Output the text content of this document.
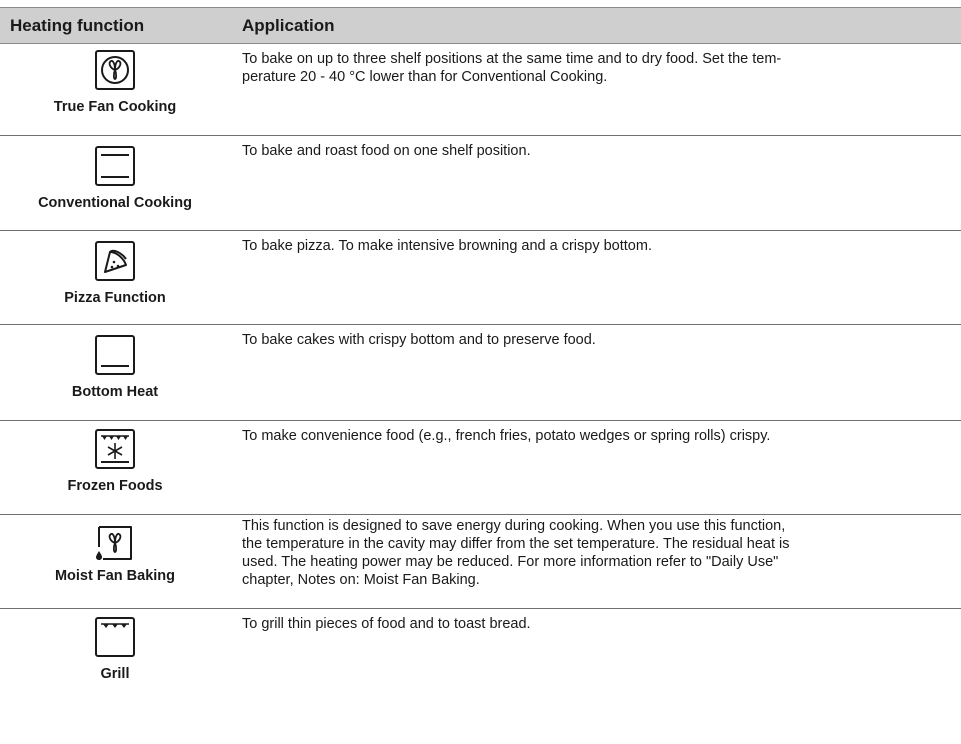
Heating function	Application
True Fan Cooking
To bake on up to three shelf positions at the same time and to dry food. Set the tem-
perature 20 - 40 °C lower than for Conventional Cooking.
Conventional Cooking
To bake and roast food on one shelf position.
Pizza Function
To bake pizza. To make intensive browning and a crispy bottom.
Bottom Heat
To bake cakes with crispy bottom and to preserve food.
Frozen Foods
To make convenience food (e.g., french fries, potato wedges or spring rolls) crispy.
Moist Fan Baking
This function is designed to save energy during cooking. When you use this function,
the temperature in the cavity may differ from the set temperature. The residual heat is
used. The heating power may be reduced. For more information refer to "Daily Use"
chapter, Notes on: Moist Fan Baking.
Grill
To grill thin pieces of food and to toast bread.
